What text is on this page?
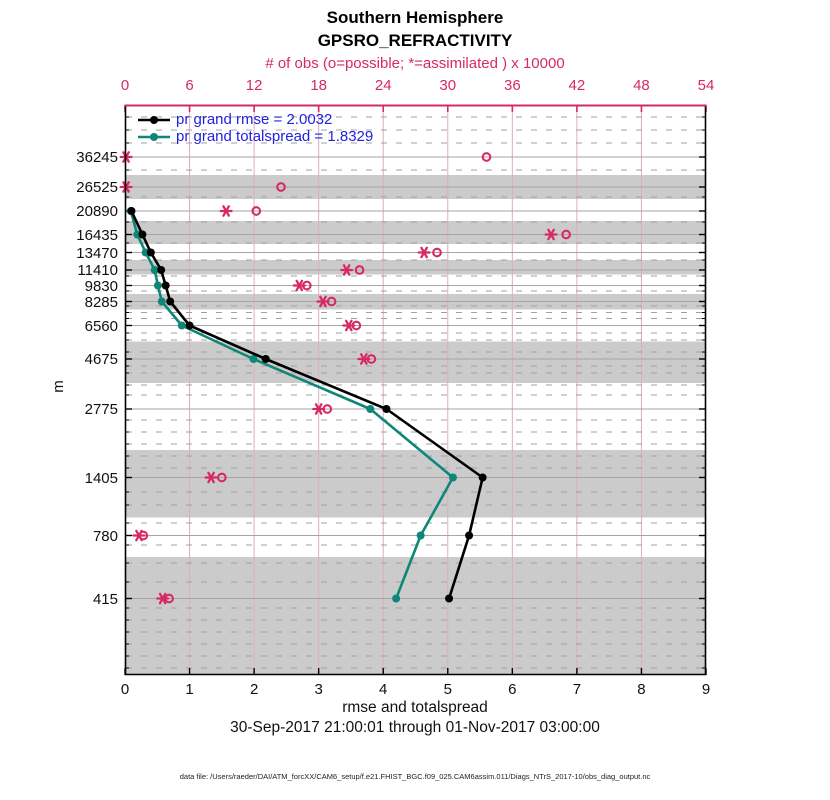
Southern Hemisphere
GPSRO_REFRACTIVITY
# of obs (o=possible; *=assimilated ) x 10000
0	6	12	18	24	30	36	42	48	54
0	1	2	3	4	5	6	7	8	9
36245
26525
20890
16435
13470
11410
9830
8285
6560
4675
2775
1405
780
415
pr grand rmse = 2.0032
pr grand totalspread = 1.8329
m
rmse and totalspread
30-Sep-2017 21:00:01 through 01-Nov-2017 03:00:00
data file: /Users/raeder/DAI/ATM_forcXX/CAM6_setup/f.e21.FHIST_BGC.f09_025.CAM6assim.011/Diags_NTrS_2017-10/obs_diag_output.nc
